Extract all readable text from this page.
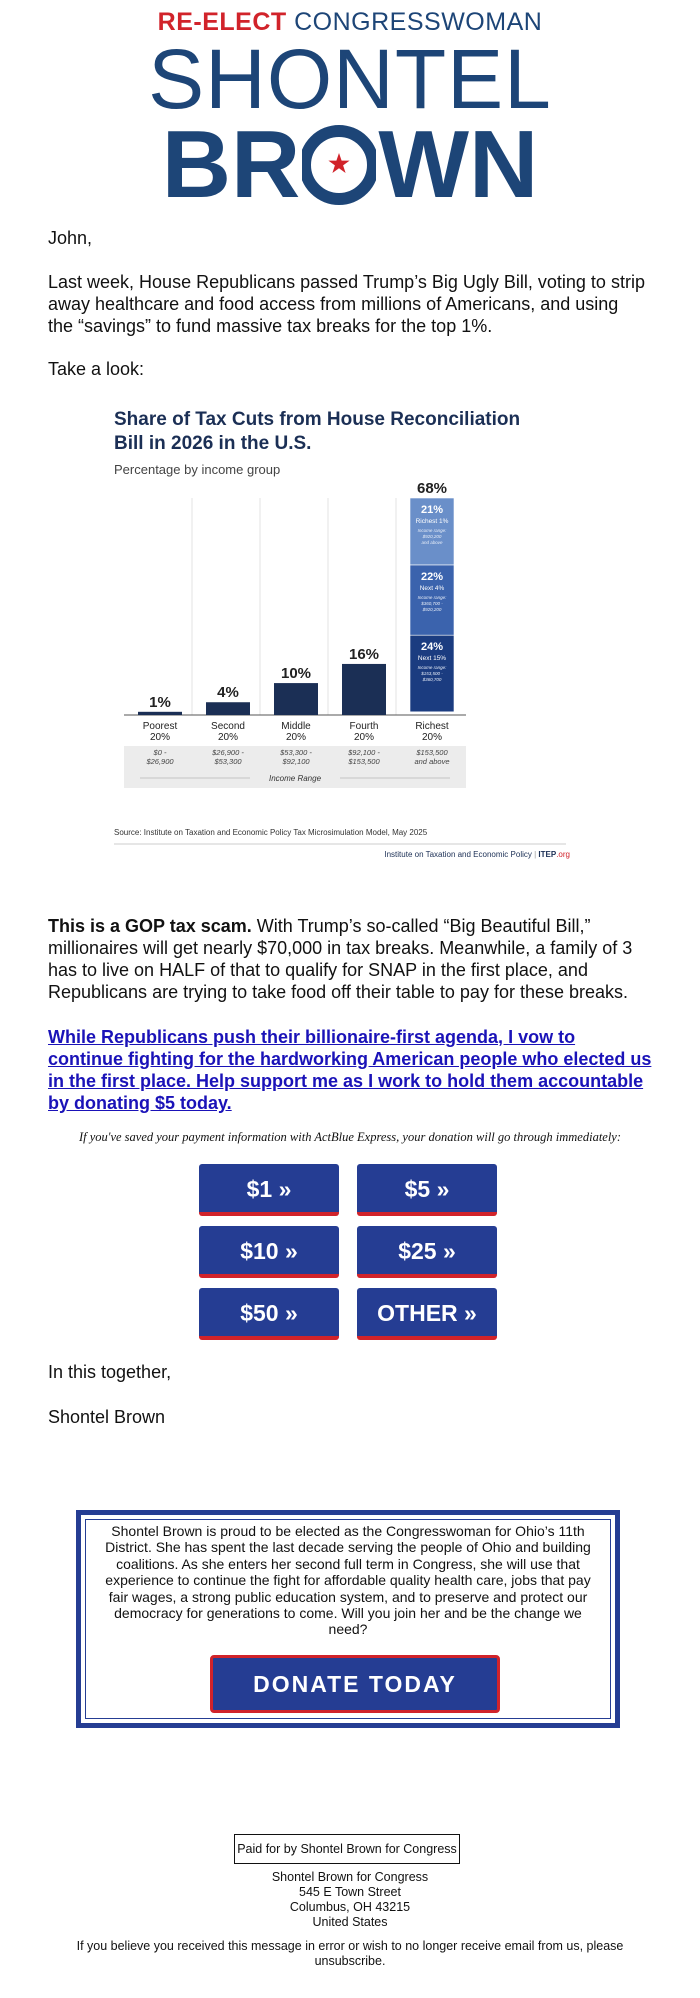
RE-ELECT CONGRESSWOMAN
SHONTEL
BR WN
John,
Last week, House Republicans passed Trump’s Big Ugly Bill, voting to strip away healthcare and food access from millions of Americans, and using the “savings” to fund massive tax breaks for the top 1%.
Take a look:
Share of Tax Cuts from House Reconciliation Bill in 2026 in the U.S.
Percentage by income group
Income Range
1%
Poorest
20%
$0 -
$26,900
4%
Second
20%
$26,900 -
$53,300
10%
Middle
20%
$53,300 -
$92,100
16%
Fourth
20%
$92,100 -
$153,500
68%
Richest
20%
$153,500
and above
21%
Richest 1%
Income range:
$920,200
and above
22%
Next 4%
Income range:
$360,700 -
$920,200
24%
Next 15%
Income range:
$153,500 -
$360,700
Source: Institute on Taxation and Economic Policy Tax Microsimulation Model, May 2025
Institute on Taxation and Economic Policy | ITEP.org
This is a GOP tax scam. With Trump’s so-called “Big Beautiful Bill,” millionaires will get nearly $70,000 in tax breaks. Meanwhile, a family of 3 has to live on HALF of that to qualify for SNAP in the first place, and Republicans are trying to take food off their table to pay for these breaks.
While Republicans push their billionaire-first agenda, I vow to continue fighting for the hardworking American people who elected us in the first place. Help support me as I work to hold them accountable by donating $5 today.
If you've saved your payment information with ActBlue Express, your donation will go through immediately:
$1 »	$5 »
$10 »	$25 »
$50 »	OTHER »
In this together,
Shontel Brown
Shontel Brown is proud to be elected as the Congresswoman for Ohio’s 11th District. She has spent the last decade serving the people of Ohio and building coalitions. As she enters her second full term in Congress, she will use that experience to continue the fight for affordable quality health care, jobs that pay fair wages, a strong public education system, and to preserve and protect our democracy for generations to come. Will you join her and be the change we need?
DONATE TODAY
Paid for by Shontel Brown for Congress
Shontel Brown for Congress
545 E Town Street
Columbus, OH 43215
United States
If you believe you received this message in error or wish to no longer receive email from us, please unsubscribe.
